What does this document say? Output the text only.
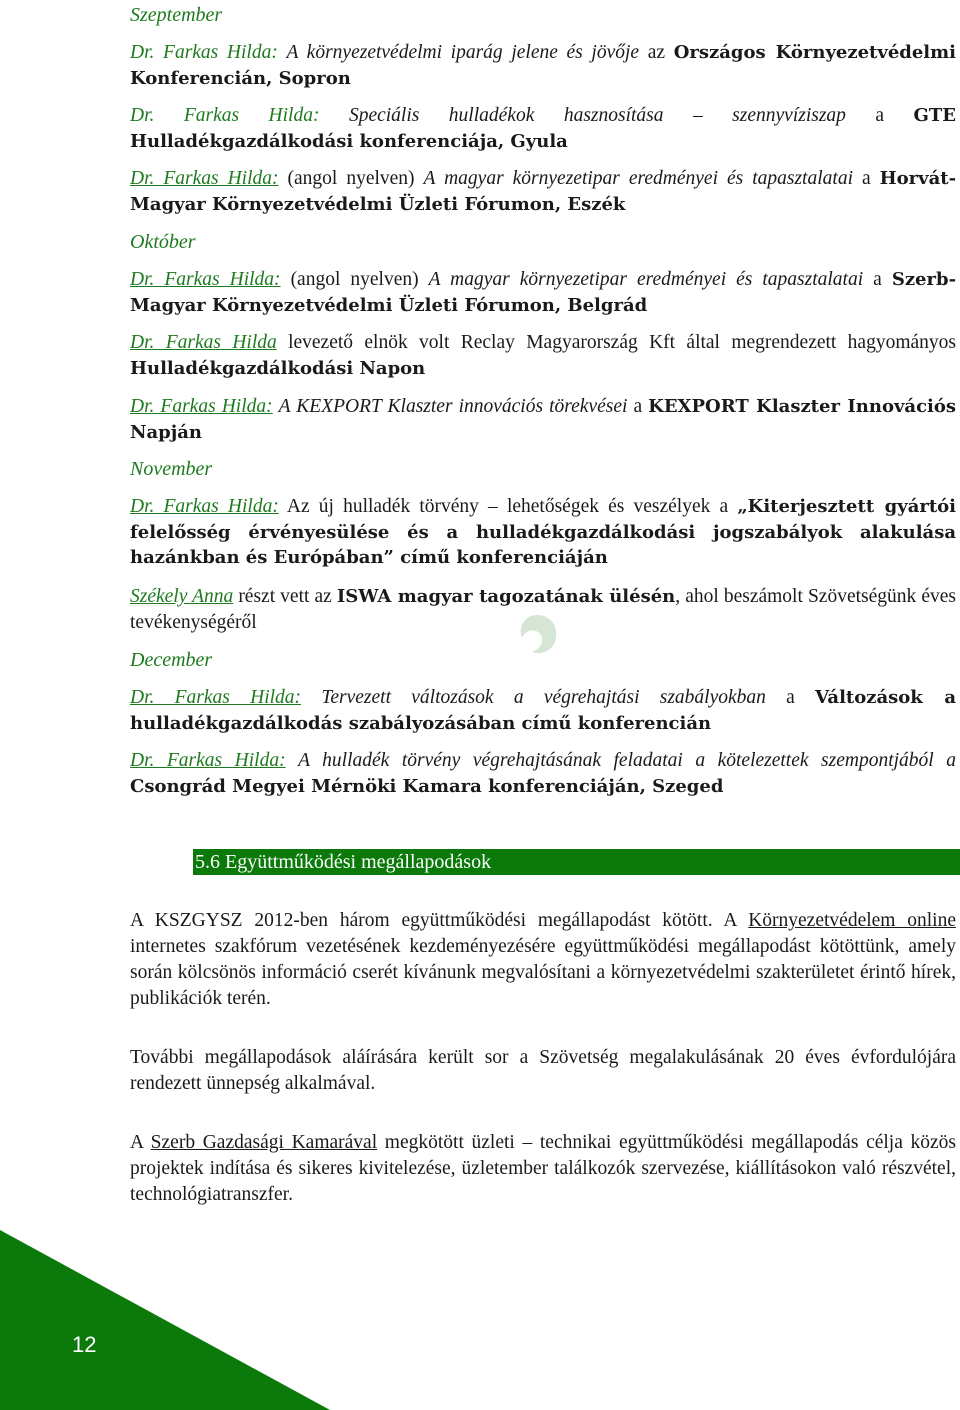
Szeptember

Dr. Farkas Hilda: A környezetvédelmi iparág jelene és jövője az Országos Környezetvédelmi Konferencián, Sopron

Dr. Farkas Hilda: Speciális hulladékok hasznosítása – szennyvíziszap a GTE Hulladékgazdálkodási konferenciája, Gyula

Dr. Farkas Hilda: (angol nyelven) A magyar környezetipar eredményei és tapasztalatai a Horvát-Magyar Környezetvédelmi Üzleti Fórumon, Eszék

Október

Dr. Farkas Hilda: (angol nyelven) A magyar környezetipar eredményei és tapasztalatai a Szerb-Magyar Környezetvédelmi Üzleti Fórumon, Belgrád

Dr. Farkas Hilda levezető elnök volt Reclay Magyarország Kft által megrendezett hagyományos Hulladékgazdálkodási Napon

Dr. Farkas Hilda: A KEXPORT Klaszter innovációs törekvései a KEXPORT Klaszter Innovációs Napján

November

Dr. Farkas Hilda: Az új hulladék törvény – lehetőségek és veszélyek a „Kiterjesztett gyártói felelősség érvényesülése és a hulladékgazdálkodási jogszabályok alakulása hazánkban és Európában” című konferenciáján

Székely Anna részt vett az ISWA magyar tagozatának ülésén, ahol beszámolt Szövetségünk éves tevékenységéről

December

Dr. Farkas Hilda: Tervezett változások a végrehajtási szabályokban a Változások a hulladékgazdálkodás szabályozásában című konferencián

Dr. Farkas Hilda: A hulladék törvény végrehajtásának feladatai a kötelezettek szempontjából a Csongrád Megyei Mérnöki Kamara konferenciáján, Szeged

5.6 Együttműködési megállapodások

A KSZGYSZ 2012-ben három együttműködési megállapodást kötött. A Környezetvédelem online internetes szakfórum vezetésének kezdeményezésére együttműködési megállapodást kötöttünk, amely során kölcsönös információ cserét kívánunk megvalósítani a környezetvédelmi szakterületet érintő hírek, publikációk terén.

További megállapodások aláírására került sor a Szövetség megalakulásának 20 éves évfordulójára rendezett ünnepség alkalmával.

A Szerb Gazdasági Kamarával megkötött üzleti – technikai együttműködési megállapodás célja közös projektek indítása és sikeres kivitelezése, üzletember találkozók szervezése, kiállításokon való részvétel, technológiatranszfer.

12
